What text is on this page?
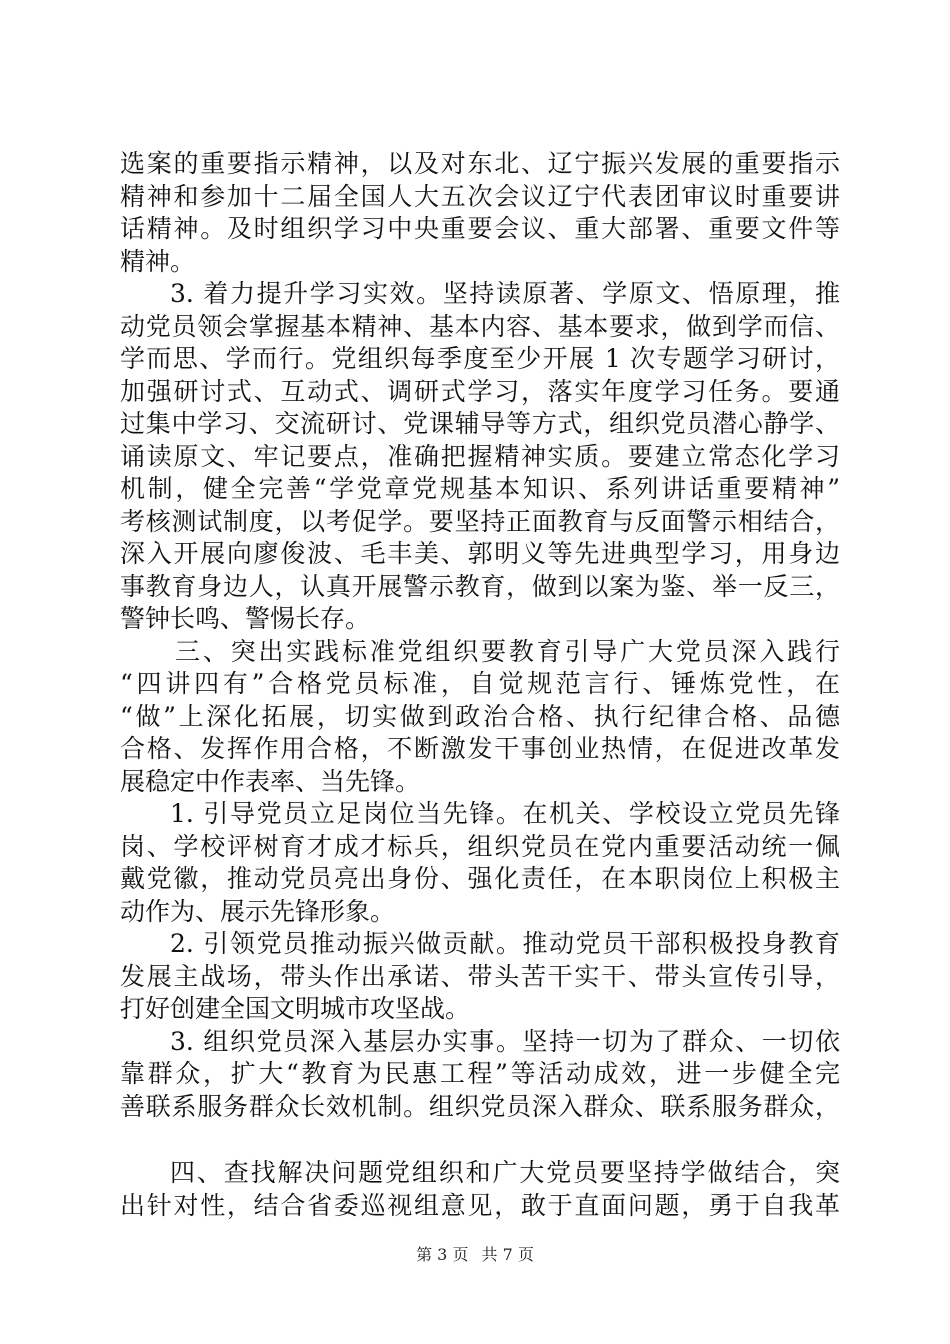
选案的重要指示精神，以及对东北、辽宁振兴发展的重要指示
精神和参加十二届全国人大五次会议辽宁代表团审议时重要讲
话精神。及时组织学习中央重要会议、重大部署、重要文件等
精神。
3. 着力提升学习实效。坚持读原著、学原文、悟原理，推
动党员领会掌握基本精神、基本内容、基本要求，做到学而信、
学而思、学而行。党组织每季度至少开展 1 次专题学习研讨，
加强研讨式、互动式、调研式学习，落实年度学习任务。要通
过集中学习、交流研讨、党课辅导等方式，组织党员潜心静学、
诵读原文、牢记要点，准确把握精神实质。要建立常态化学习
机制，健全完善“学党章党规基本知识、系列讲话重要精神”
考核测试制度，以考促学。要坚持正面教育与反面警示相结合，
深入开展向廖俊波、毛丰美、郭明义等先进典型学习，用身边
事教育身边人，认真开展警示教育，做到以案为鉴、举一反三，
警钟长鸣、警惕长存。
三、突出实践标准党组织要教育引导广大党员深入践行
“四讲四有”合格党员标准，自觉规范言行、锤炼党性，在
“做”上深化拓展，切实做到政治合格、执行纪律合格、品德
合格、发挥作用合格，不断激发干事创业热情，在促进改革发
展稳定中作表率、当先锋。
1. 引导党员立足岗位当先锋。在机关、学校设立党员先锋
岗、学校评树育才成才标兵，组织党员在党内重要活动统一佩
戴党徽，推动党员亮出身份、强化责任，在本职岗位上积极主
动作为、展示先锋形象。
2. 引领党员推动振兴做贡献。推动党员干部积极投身教育
发展主战场，带头作出承诺、带头苦干实干、带头宣传引导，
打好创建全国文明城市攻坚战。
3. 组织党员深入基层办实事。坚持一切为了群众、一切依
靠群众，扩大“教育为民惠工程”等活动成效，进一步健全完
善联系服务群众长效机制。组织党员深入群众、联系服务群众，
四、查找解决问题党组织和广大党员要坚持学做结合，突
出针对性，结合省委巡视组意见，敢于直面问题，勇于自我革
第 3 页 共 7 页
